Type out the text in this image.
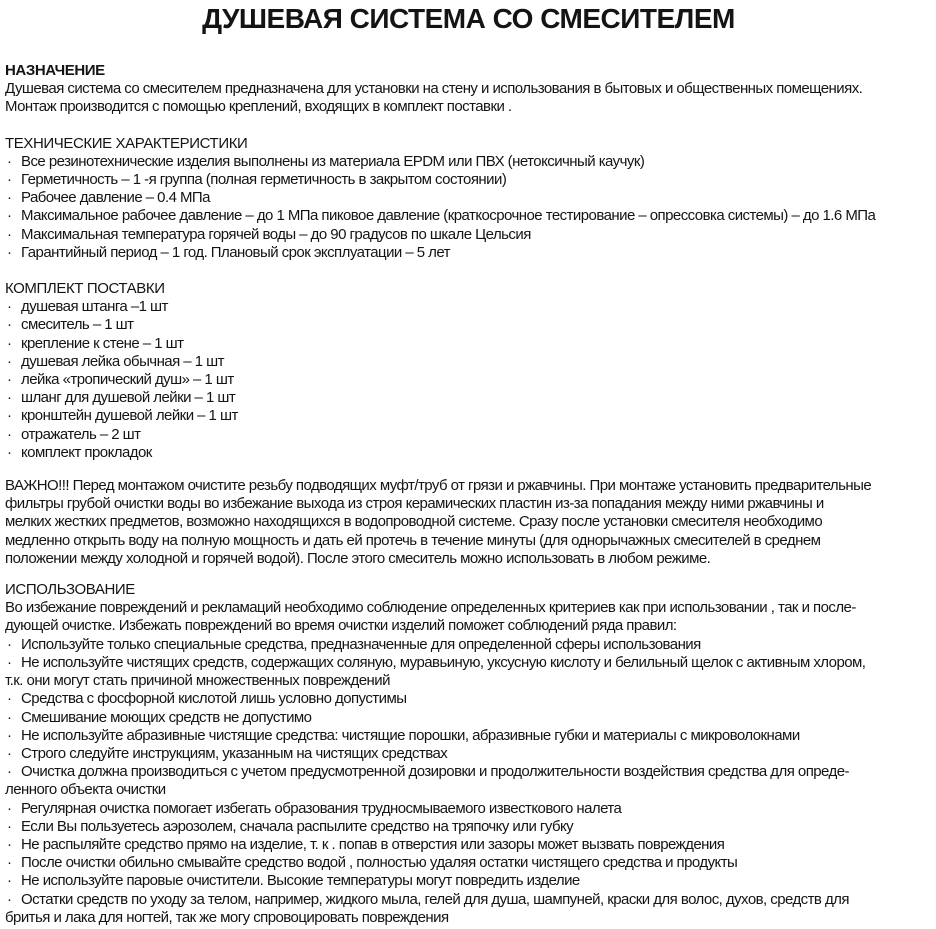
ДУШЕВАЯ СИСТЕМА СО СМЕСИТЕЛЕМ
НАЗНАЧЕНИЕ
Душевая система со смесителем предназначена для установки на стену и использования в бытовых и общественных помещениях.
Монтаж производится с помощью креплений, входящих в комплект поставки .
ТЕХНИЧЕСКИЕ ХАРАКТЕРИСТИКИ
· Все резинотехнические изделия выполнены из материала EPDM или ПВХ (нетоксичный каучук)
· Герметичность – 1 -я группа (полная герметичность в закрытом состоянии)
· Рабочее давление – 0.4 МПа
· Максимальное рабочее давление – до 1 МПа пиковое давление (краткосрочное тестирование – опрессовка системы) – до 1.6 МПа
· Максимальная температура горячей воды – до 90 градусов по шкале Цельсия
· Гарантийный период – 1 год. Плановый срок эксплуатации – 5 лет
КОМПЛЕКТ ПОСТАВКИ
· душевая штанга –1 шт
· смеситель – 1 шт
· крепление к стене – 1 шт
· душевая лейка обычная – 1 шт
· лейка «тропический душ» – 1 шт
· шланг для душевой лейки – 1 шт
· кронштейн душевой лейки – 1 шт
· отражатель – 2 шт
· комплект прокладок
ВАЖНО!!! Перед монтажом очистите резьбу подводящих муфт/труб от грязи и ржавчины. При монтаже установить предварительные
фильтры грубой очистки воды во избежание выхода из строя керамических пластин из-за попадания между ними ржавчины и
мелких жестких предметов, возможно находящихся в водопроводной системе. Сразу после установки смесителя необходимо
медленно открыть воду на полную мощность и дать ей протечь в течение минуты (для однорычажных смесителей в среднем
положении между холодной и горячей водой). После этого смеситель можно использовать в любом режиме.
ИСПОЛЬЗОВАНИЕ
Во избежание повреждений и рекламаций необходимо соблюдение определенных критериев как при использовании , так и после-
дующей очистке. Избежать повреждений во время очистки изделий поможет соблюдений ряда правил:
· Используйте только специальные средства, предназначенные для определенной сферы использования
· Не используйте чистящих средств, содержащих соляную, муравьиную, уксусную кислоту и белильный щелок с активным хлором,
т.к. они могут стать причиной множественных повреждений
· Средства с фосфорной кислотой лишь условно допустимы
· Смешивание моющих средств не допустимо
· Не используйте абразивные чистящие средства: чистящие порошки, абразивные губки и материалы с микроволокнами
· Строго следуйте инструкциям, указанным на чистящих средствах
· Очистка должна производиться с учетом предусмотренной дозировки и продолжительности воздействия средства для опреде-
ленного объекта очистки
· Регулярная очистка помогает избегать образования трудносмываемого известкового налета
· Если Вы пользуетесь аэрозолем, сначала распылите средство на тряпочку или губку
· Не распыляйте средство прямо на изделие, т. к . попав в отверстия или зазоры может вызвать повреждения
· После очистки обильно смывайте средство водой , полностью удаляя остатки чистящего средства и продукты
· Не используйте паровые очистители. Высокие температуры могут повредить изделие
· Остатки средств по уходу за телом, например, жидкого мыла, гелей для душа, шампуней, краски для волос, духов, средств для
бритья и лака для ногтей, так же могу спровоцировать повреждения
